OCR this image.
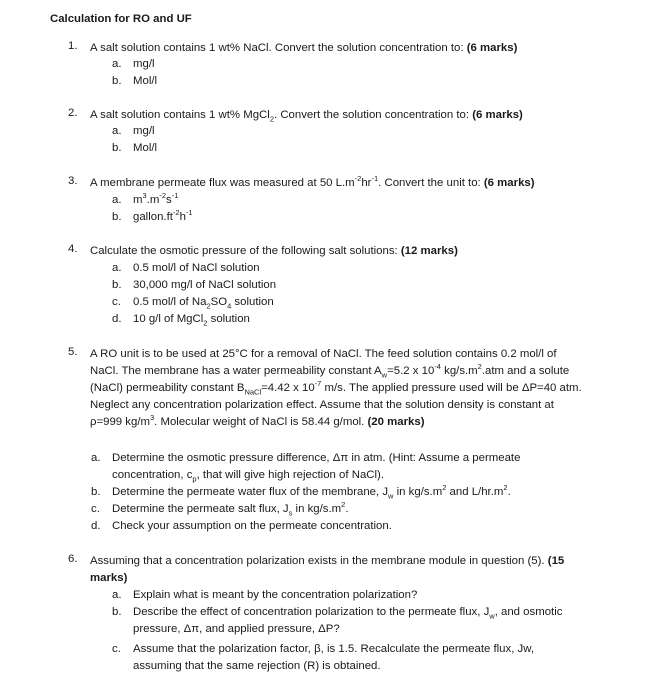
Calculation for RO and UF
1. A salt solution contains 1 wt% NaCl. Convert the solution concentration to: (6 marks)
a. mg/l
b. Mol/l
2. A salt solution contains 1 wt% MgCl$_2$. Convert the solution concentration to: (6 marks)
a. mg/l
b. Mol/l
3. A membrane permeate flux was measured at 50 $L.m^{-2}hr^{-1}$. Convert the unit to: (6 marks)
a. $m^3.m^{-2}s^{-1}$
b. $gallon.ft^{-2}h^{-1}$
4. Calculate the osmotic pressure of the following salt solutions: (12 marks)
a. 0.5 mol/l of NaCl solution
b. 30,000 mg/l of NaCl solution
c. 0.5 mol/l of $Na_2SO_4$ solution
d. 10 g/l of MgCl$_2$ solution
5. A RO unit is to be used at 25°C for a removal of NaCl. The feed solution contains 0.2 mol/l of
NaCl. The membrane has a water permeability constant $A_w=5.2$ x $10^{-4}$ $kg/s.m^2.atm$ and a solute
(NaCl) permeability constant $B_{NaCl}=4.42$ x $10^{-7}$ m/s. The applied pressure used will be ΔP=40 atm.
Neglect any concentration polarization effect. Assume that the solution density is constant at
ρ=999 $kg/m^3$. Molecular weight of NaCl is 58.44 g/mol. (20 marks)
a. Determine the osmotic pressure difference, Δπ in atm. (Hint: Assume a permeate
concentration, $c_p$, that will give high rejection of NaCl).
b. Determine the permeate water flux of the membrane, $J_w$ in $kg/s.m^2$ and $L/hr.m^2$.
c. Determine the permeate salt flux, $J_s$ in $kg/s.m^2$.
d. Check your assumption on the permeate concentration.
6. Assuming that a concentration polarization exists in the membrane module in question (5). (15
marks)
a. Explain what is meant by the concentration polarization?
b. Describe the effect of concentration polarization to the permeate flux, $J_w$, and osmotic
pressure, Δπ, and applied pressure, ΔP?
c. Assume that the polarization factor, β, is 1.5. Recalculate the permeate flux, Jw,
assuming that the same rejection (R) is obtained.
